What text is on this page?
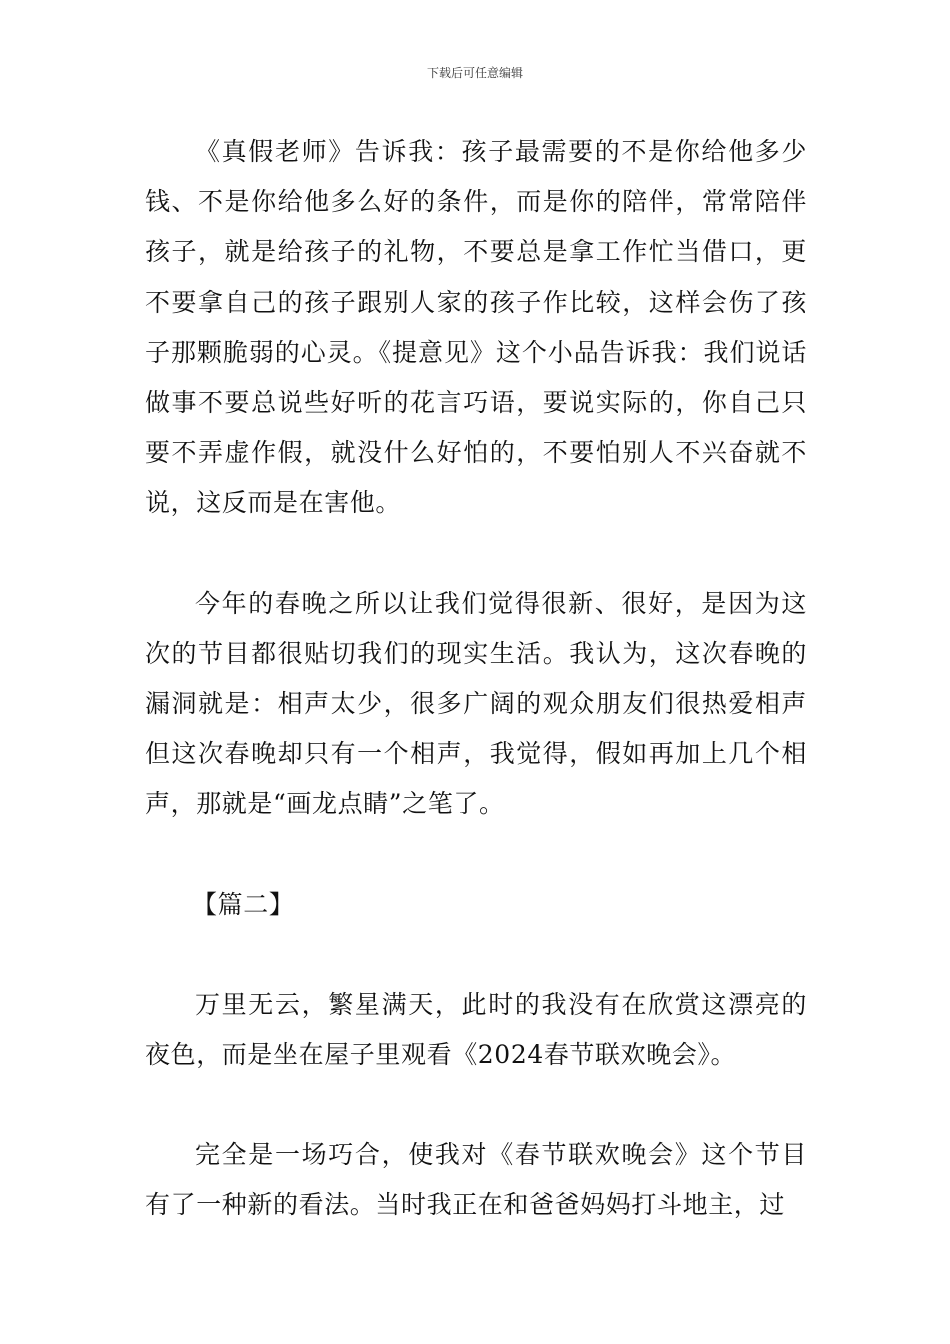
下载后可任意编辑

《真假老师》告诉我：孩子最需要的不是你给他多少钱、不是你给他多么好的条件，而是你的陪伴，常常陪伴孩子，就是给孩子的礼物，不要总是拿工作忙当借口，更不要拿自己的孩子跟别人家的孩子作比较，这样会伤了孩子那颗脆弱的心灵。《提意见》这个小品告诉我：我们说话做事不要总说些好听的花言巧语，要说实际的，你自己只要不弄虚作假，就没什么好怕的，不要怕别人不兴奋就不说，这反而是在害他。

今年的春晚之所以让我们觉得很新、很好，是因为这次的节目都很贴切我们的现实生活。我认为，这次春晚的漏洞就是：相声太少，很多广阔的观众朋友们很热爱相声但这次春晚却只有一个相声，我觉得，假如再加上几个相声，那就是“画龙点睛”之笔了。

【篇二】

万里无云，繁星满天，此时的我没有在欣赏这漂亮的夜色，而是坐在屋子里观看《2024春节联欢晚会》。

完全是一场巧合，使我对《春节联欢晚会》这个节目有了一种新的看法。当时我正在和爸爸妈妈打斗地主，过
